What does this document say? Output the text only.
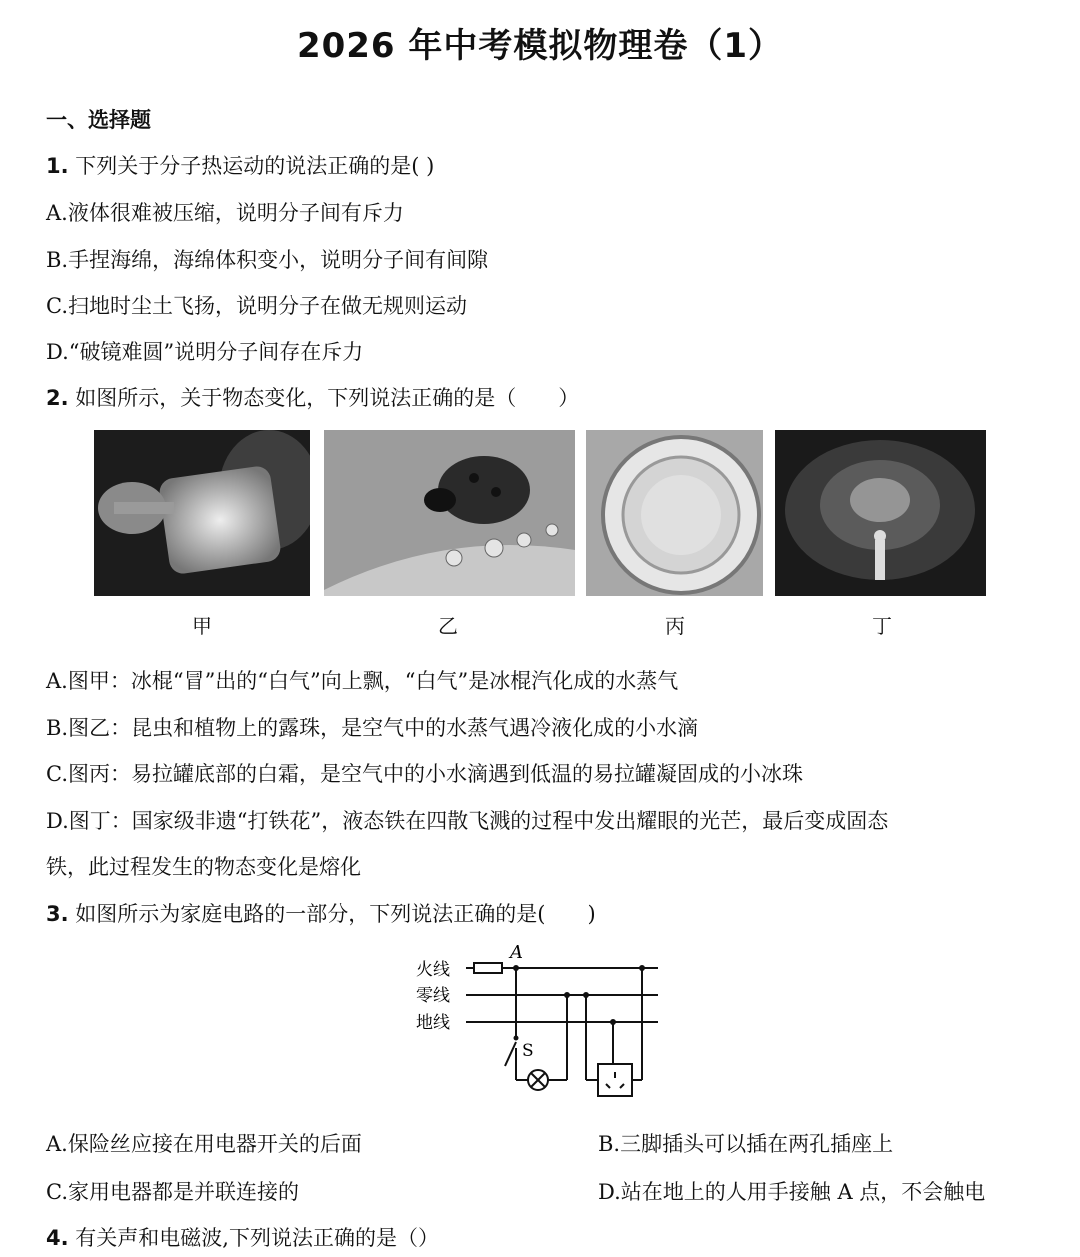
2026 年中考模拟物理卷（1）
一、选择题
1. 下列关于分子热运动的说法正确的是( )
A.液体很难被压缩，说明分子间有斥力
B.手捏海绵，海绵体积变小，说明分子间有间隙
C.扫地时尘土飞扬，说明分子在做无规则运动
D.“破镜难圆”说明分子间存在斥力
2. 如图所示，关于物态变化，下列说法正确的是（　　）
甲	乙	丙	丁
A.图甲：冰棍“冒”出的“白气”向上飘，“白气”是冰棍汽化成的水蒸气
B.图乙：昆虫和植物上的露珠，是空气中的水蒸气遇冷液化成的小水滴
C.图丙：易拉罐底部的白霜，是空气中的小水滴遇到低温的易拉罐凝固成的小冰珠
D.图丁：国家级非遗“打铁花”，液态铁在四散飞溅的过程中发出耀眼的光芒，最后变成固态
铁，此过程发生的物态变化是熔化
3. 如图所示为家庭电路的一部分，下列说法正确的是(　　)
火线
零线
地线
A
S
A.保险丝应接在用电器开关的后面	B.三脚插头可以插在两孔插座上
C.家用电器都是并联连接的	D.站在地上的人用手接触 A 点，不会触电
4. 有关声和电磁波,下列说法正确的是（）
